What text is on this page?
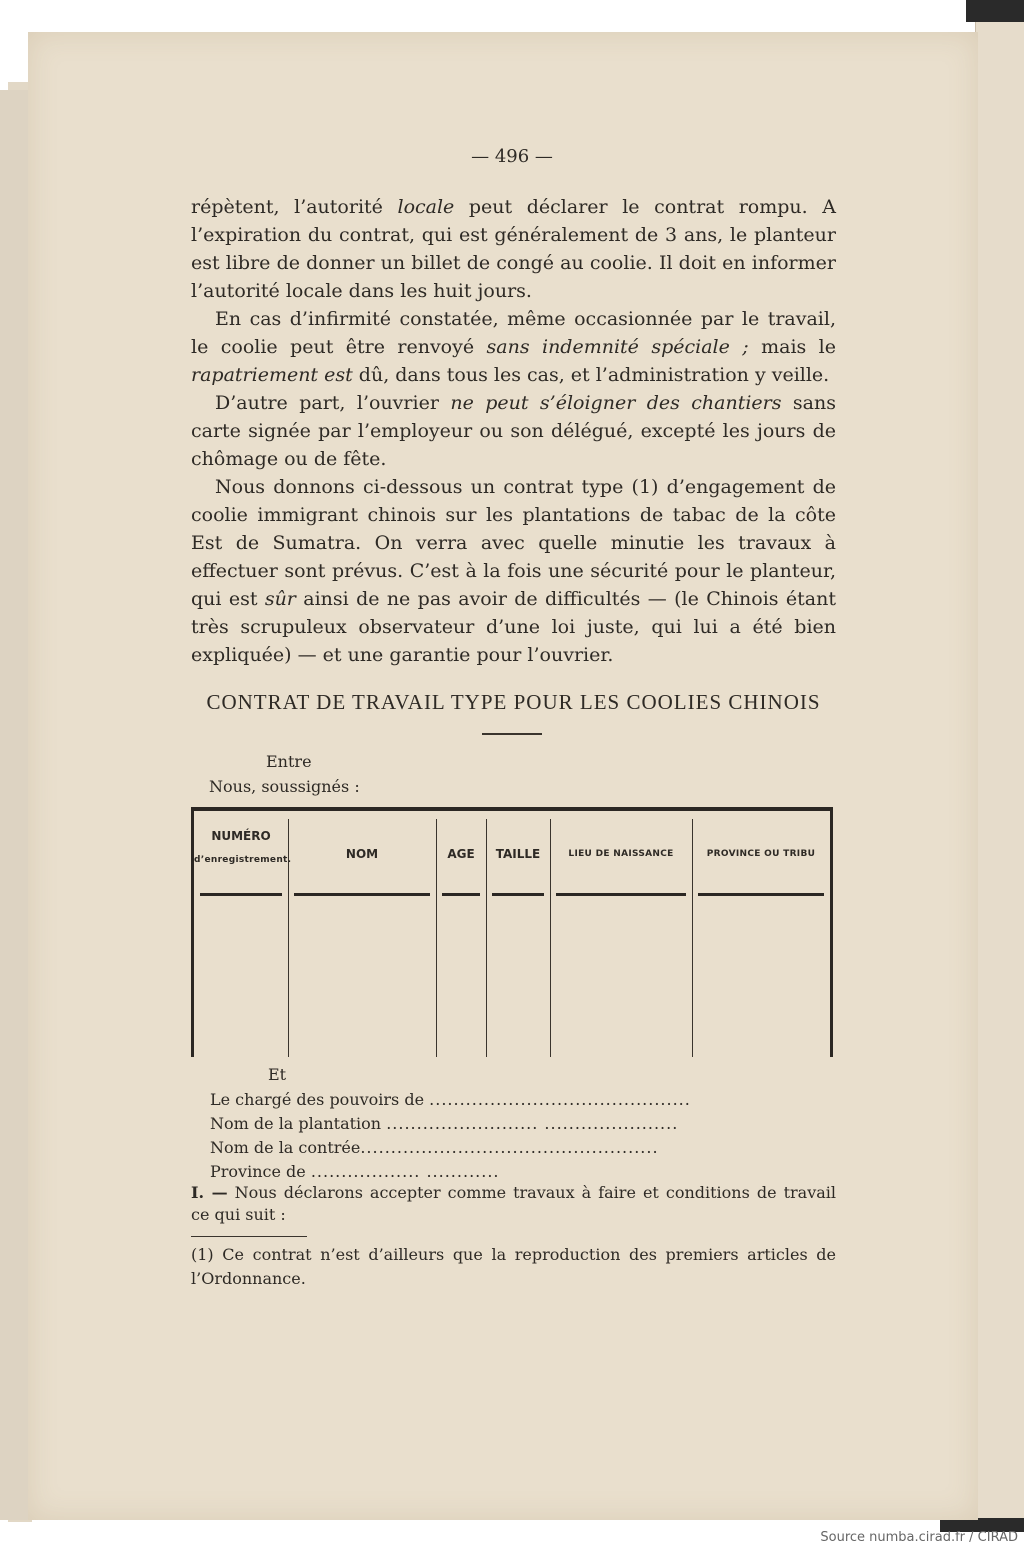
— 496 —

répètent, l’autorité locale peut déclarer le contrat rompu. A l’expiration du contrat, qui est généralement de 3 ans, le planteur est libre de donner un billet de congé au coolie. Il doit en informer l’autorité locale dans les huit jours.

En cas d’infirmité constatée, même occasionnée par le travail, le coolie peut être renvoyé sans indemnité spéciale ; mais le rapatriement est dû, dans tous les cas, et l’administration y veille.

D’autre part, l’ouvrier ne peut s’éloigner des chantiers sans carte signée par l’employeur ou son délégué, excepté les jours de chômage ou de fête.

Nous donnons ci-dessous un contrat type (1) d’engagement de coolie immigrant chinois sur les plantations de tabac de la côte Est de Sumatra. On verra avec quelle minutie les travaux à effectuer sont prévus. C’est à la fois une sécurité pour le planteur, qui est sûr ainsi de ne pas avoir de difficultés — (le Chinois étant très scrupuleux observateur d’une loi juste, qui lui a été bien expliquée) — et une garantie pour l’ouvrier.

CONTRAT DE TRAVAIL TYPE POUR LES COOLIES CHINOIS
Entre
Nous, soussignés :
NUMÉRO
d’enregistrement.	NOM	AGE	TAILLE	LIEU DE NAISSANCE	PROVINCE OU TRIBU
Et
Le chargé des pouvoirs de ...........................................
Nom de la plantation ......................... ......................
Nom de la contrée.................................................
Province de .................. ............
I. — Nous déclarons accepter comme travaux à faire et conditions de travail ce qui suit :
(1) Ce contrat n’est d’ailleurs que la reproduction des premiers articles de l’Ordonnance.
Source numba.cirad.fr / CIRAD
